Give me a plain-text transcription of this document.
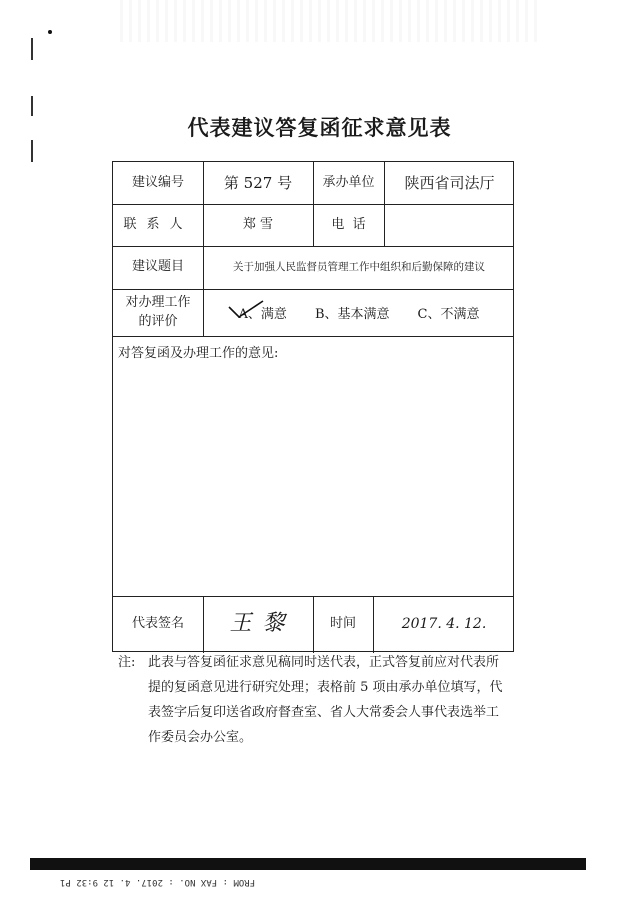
代表建议答复函征求意见表
建议编号	第 527 号	承办单位	陕西省司法厅
联系人	郑 雪	电  话
建议题目	关于加强人民监督员管理工作中组织和后勤保障的建议
对办理工作的评价	A、满意 B、基本满意 C、不满意
对答复函及办理工作的意见:
代表签名	王 黎	时间	2017. 4. 12.
注: 此表与答复函征求意见稿同时送代表，正式答复前应对代表所
提的复函意见进行研究处理；表格前 5 项由承办单位填写，代
表签字后复印送省政府督查室、省人大常委会人事代表选举工
作委员会办公室。
FROM : FAX NO. : 2017. 4. 12 9:32 P1
